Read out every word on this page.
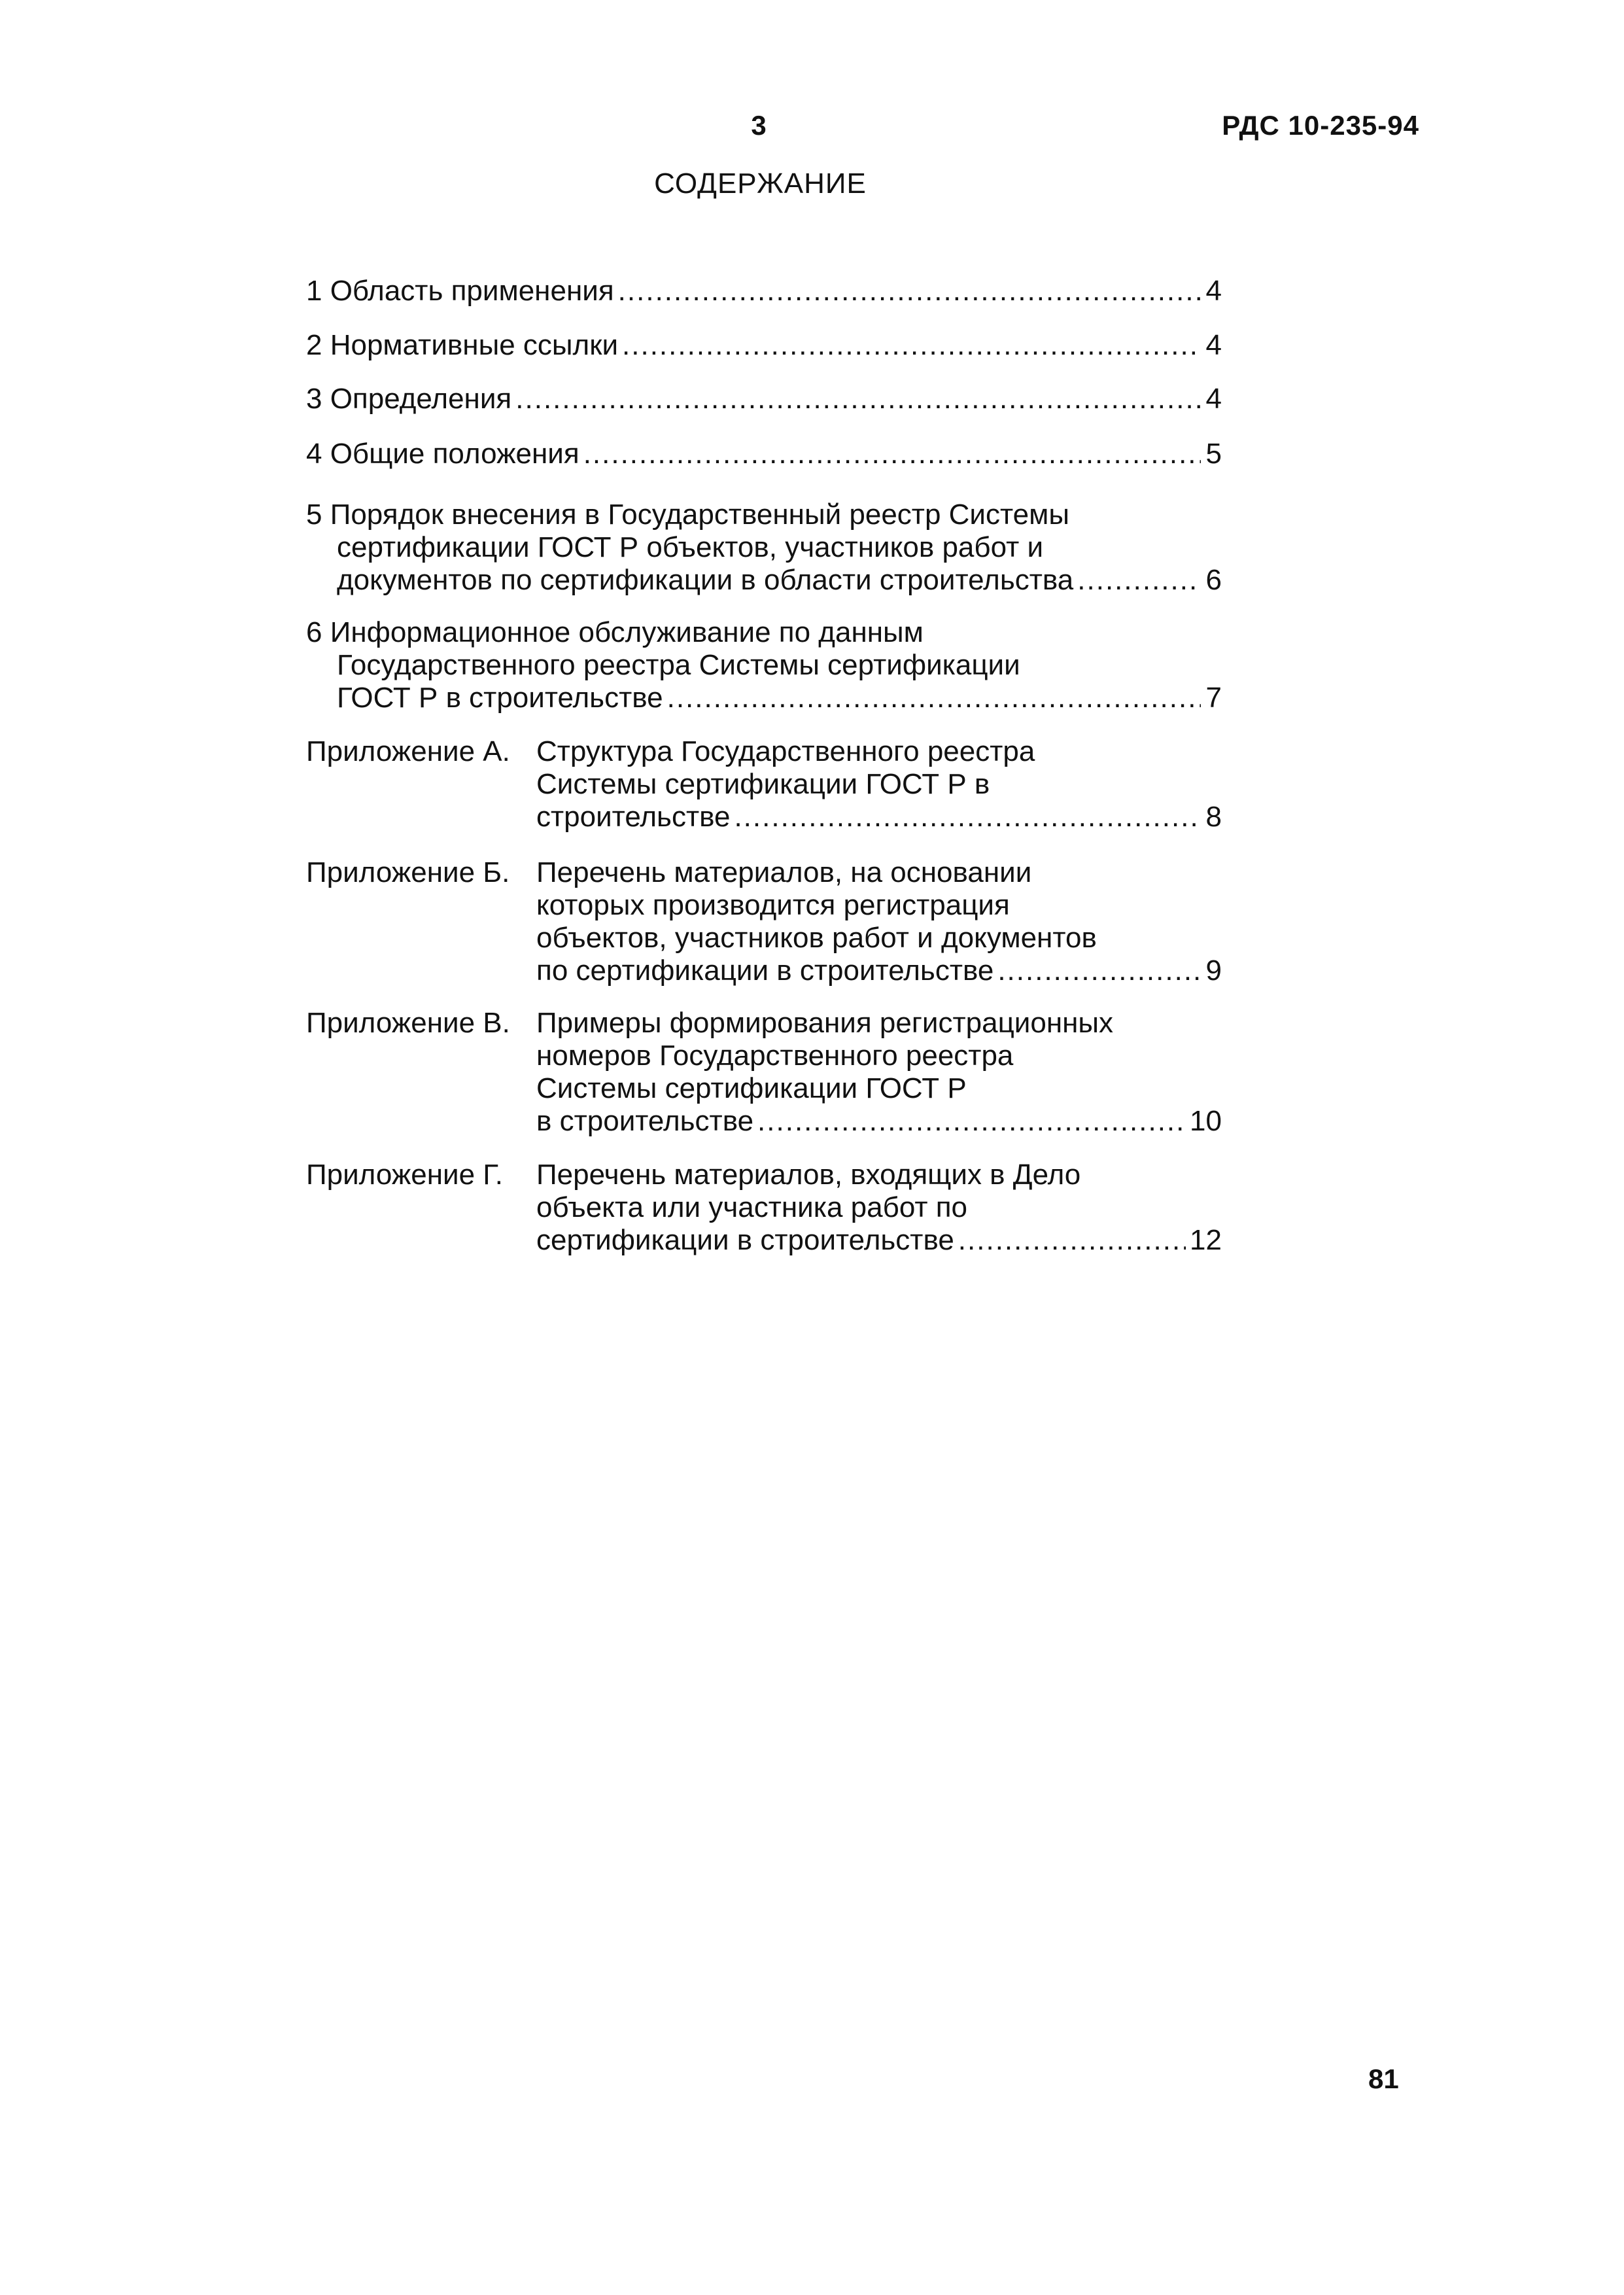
3	РДС 10-235-94
СОДЕРЖАНИЕ
1 Область применения .....	4
2 Нормативные ссылки .....	4
3 Определения .....	4
4 Общие положения .....	5
5 Порядок внесения в Государственный реестр Системы
сертификации ГОСТ Р объектов, участников работ и
документов по сертификации в области строительства .....	6
6 Информационное обслуживание по данным
Государственного реестра Системы сертификации
ГОСТ Р в строительстве .....	7
Приложение А. Структура Государственного реестра
Системы сертификации ГОСТ Р в
строительстве .....	8
Приложение Б. Перечень материалов, на основании
которых производится регистрация
объектов, участников работ и документов
по сертификации в строительстве .....	9
Приложение В. Примеры формирования регистрационных
номеров Государственного реестра
Системы сертификации ГОСТ Р
в строительстве .....	10
Приложение Г.	Перечень материалов, входящих в Дело
объекта или участника работ по
сертификации в строительстве .....	12
81
